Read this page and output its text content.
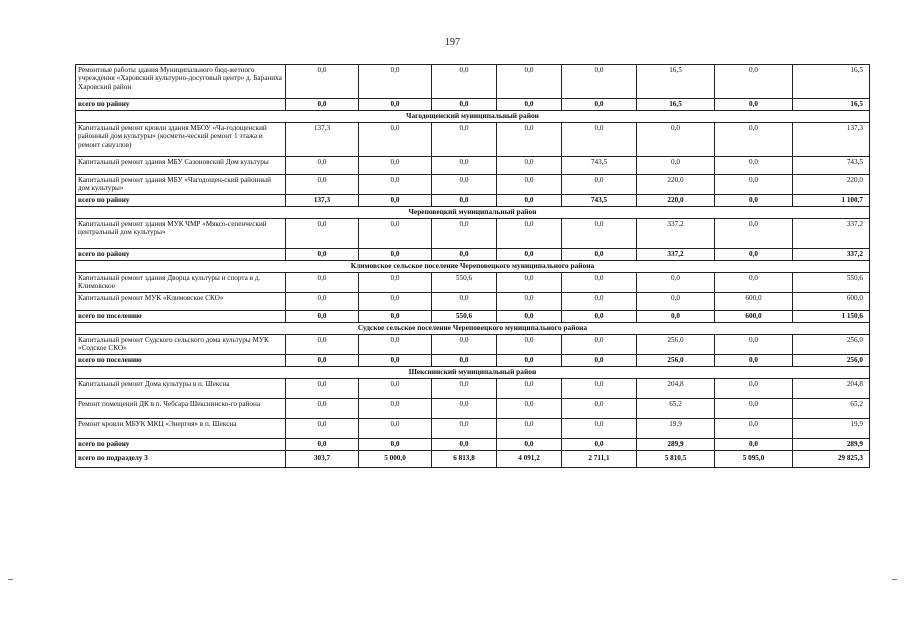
197
Ремонтные работы здания Муниципального бюд-жетного учреждения «Харовский культурно-досуговый центр» д. Бараниха Харовский район	0,0	0,0	0,0	0,0	0,0	16,5	0,0	16,5
всего по району	0,0	0,0	0,0	0,0	0,0	16,5	0,0	16,5
Чагодощенский муниципальный район								
Капитальный ремонт кровли здания МБОУ «Ча-годощенский районный дом культуры» (космети-ческий ремонт 1 этажа и ремонт санузлов)	137,3	0,0	0,0	0,0	0,0	0,0	0,0	137,3
Капитальный ремонт здания МБУ Сазоновский Дом культуры	0,0	0,0	0,0	0,0	743,5	0,0	0,0	743,5
Капитальный ремонт здания МБУ «Чагодощен-ский районный дом культуры»	0,0	0,0	0,0	0,0	0,0	220,0	0,0	220,0
всего по району	137,3	0,0	0,0	0,0	743,5	220,0	0,0	1 100,7
Череповецкий муниципальный район								
Капитальный ремонт здания МУК ЧМР «Мяксо-сепенческий центральный дом культуры»	0,0	0,0	0,0	0,0	0,0	337,2	0,0	337,2
всего по району	0,0	0,0	0,0	0,0	0,0	337,2	0,0	337,2
Климовское сельское поселение Череповецкого муниципального района								
Капитальный ремонт здания Дворца культуры и спорта в д. Климовское	0,0	0,0	550,6	0,0	0,0	0,0	0,0	550,6
Капитальный ремонт МУК «Климовское СКО»	0,0	0,0	0,0	0,0	0,0	0,0	600,0	600,0
всего по поселению	0,0	0,0	550,6	0,0	0,0	0,0	600,0	1 150,6
Судское сельское поселение Череповецкого муниципального района								
Капитальный ремонт Судского сельского дома культуры МУК «Содское СКО»	0,0	0,0	0,0	0,0	0,0	256,0	0,0	256,0
всего по поселению	0,0	0,0	0,0	0,0	0,0	256,0	0,0	256,0
Шекснинский муниципальный район								
Капитальный ремонт Дома культуры в п. Шексна	0,0	0,0	0,0	0,0	0,0	204,8	0,0	204,8
Ремонт помещений ДК в п. Чебсара Шекснинско-го района	0,0	0,0	0,0	0,0	0,0	65,2	0,0	65,2
Ремонт кровли МБУК МКЦ «Энергия» в п. Шексна	0,0	0,0	0,0	0,0	0,0	19,9	0,0	19,9
всего по району	0,0	0,0	0,0	0,0	0,0	289,9	0,0	289,9
всего по подразделу 3	303,7	5 000,0	6 813,8	4 091,2	2 711,1	5 810,5	5 095,0	29 825,3
